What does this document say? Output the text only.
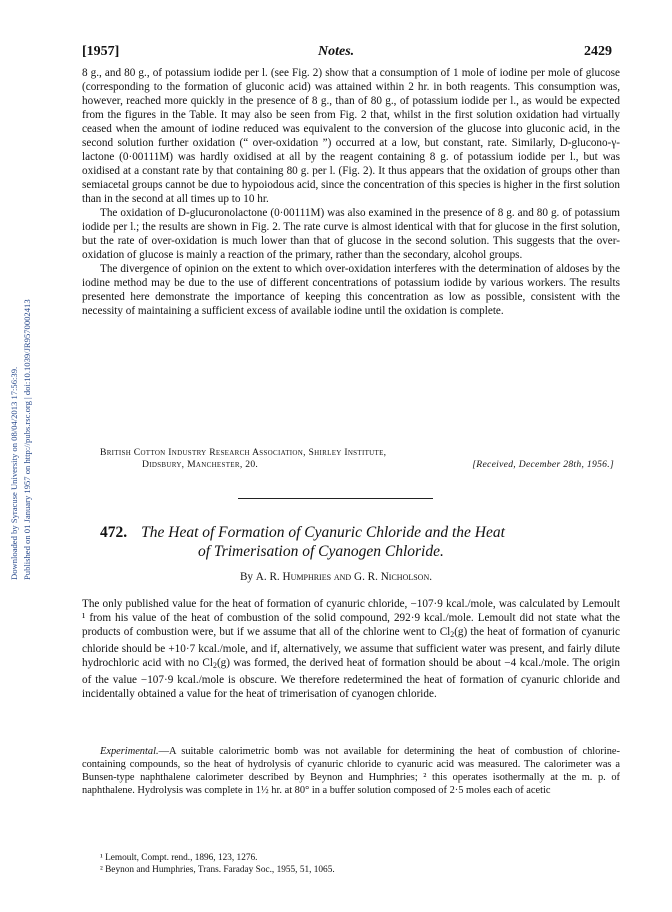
Downloaded by Syracuse University on 08/04/2013 17:56:39. Published on 01 January 1957 on http://pubs.rsc.org | doi:10.1039/JR9570002413
[1957]	Notes.	2429

8 g., and 80 g., of potassium iodide per l. (see Fig. 2) show that a consumption of 1 mole of iodine per mole of glucose (corresponding to the formation of gluconic acid) was attained within 2 hr. in both reagents. This consumption was, however, reached more quickly in the presence of 8 g., than of 80 g., of potassium iodide per l., as would be expected from the figures in the Table. It may also be seen from Fig. 2 that, whilst in the first solution oxidation had virtually ceased when the amount of iodine reduced was equivalent to the conversion of the glucose into gluconic acid, in the second solution further oxidation (“ over-oxidation ”) occurred at a low, but constant, rate. Similarly, D-glucono-γ-lactone (0·00111M) was hardly oxidised at all by the reagent containing 8 g. of potassium iodide per l., but was oxidised at a constant rate by that containing 80 g. per l. (Fig. 2). It thus appears that the oxidation of groups other than semiacetal groups cannot be due to hypoiodous acid, since the concentration of this species is higher in the first solution than in the second at all times up to 10 hr.

The oxidation of D-glucuronolactone (0·00111M) was also examined in the presence of 8 g. and 80 g. of potassium iodide per l.; the results are shown in Fig. 2. The rate curve is almost identical with that for glucose in the first solution, but the rate of over-oxidation is much lower than that of glucose in the second solution. This suggests that the over-oxidation of glucose is mainly a reaction of the primary, rather than the secondary, alcohol groups.

The divergence of opinion on the extent to which over-oxidation interferes with the determination of aldoses by the iodine method may be due to the use of different concentrations of potassium iodide by various workers. The results presented here demonstrate the importance of keeping this concentration as low as possible, consistent with the necessity of maintaining a sufficient excess of available iodine until the oxidation is complete.

British Cotton Industry Research Association, Shirley Institute,
Didsbury, Manchester, 20.	[Received, December 28th, 1956.]
472. The Heat of Formation of Cyanuric Chloride and the Heat
of Trimerisation of Cyanogen Chloride.
By A. R. Humphries and G. R. Nicholson.

The only published value for the heat of formation of cyanuric chloride, −107·9 kcal./mole, was calculated by Lemoult ¹ from his value of the heat of combustion of the solid compound, 292·9 kcal./mole. Lemoult did not state what the products of combustion were, but if we assume that all of the chlorine went to $Cl_2(g)$ the heat of formation of cyanuric chloride should be +10·7 kcal./mole, and if, alternatively, we assume that sufficient water was present, and fairly dilute hydrochloric acid with no $Cl_2(g)$ was formed, the derived heat of formation should be about −4 kcal./mole. The origin of the value −107·9 kcal./mole is obscure. We therefore redetermined the heat of formation of cyanuric chloride and incidentally obtained a value for the heat of trimerisation of cyanogen chloride.

Experimental.—A suitable calorimetric bomb was not available for determining the heat of combustion of chlorine-containing compounds, so the heat of hydrolysis of cyanuric chloride to cyanuric acid was measured. The calorimeter was a Bunsen-type naphthalene calorimeter described by Beynon and Humphries; ² this operates isothermally at the m. p. of naphthalene. Hydrolysis was complete in 1½ hr. at 80° in a buffer solution composed of 2·5 moles each of acetic

¹ Lemoult, Compt. rend., 1896, 123, 1276.
² Beynon and Humphries, Trans. Faraday Soc., 1955, 51, 1065.
